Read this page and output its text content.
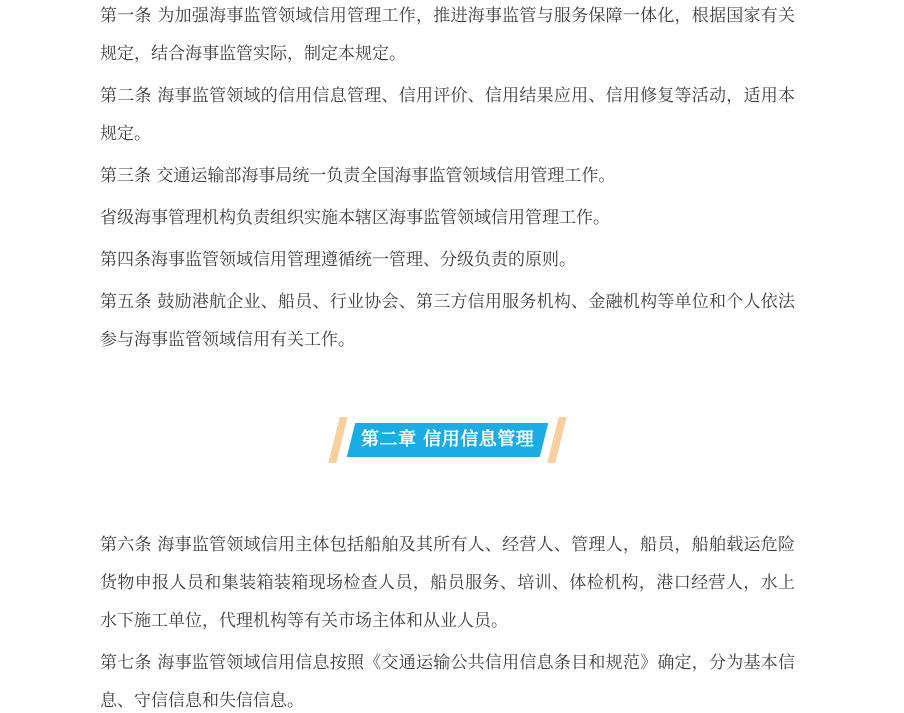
第一条 为加强海事监管领域信用管理工作，推进海事监管与服务保障一体化，根据国家有关规定，结合海事监管实际，制定本规定。

第二条 海事监管领域的信用信息管理、信用评价、信用结果应用、信用修复等活动，适用本规定。

第三条 交通运输部海事局统一负责全国海事监管领域信用管理工作。

省级海事管理机构负责组织实施本辖区海事监管领域信用管理工作。

第四条海事监管领域信用管理遵循统一管理、分级负责的原则。

第五条 鼓励港航企业、船员、行业协会、第三方信用服务机构、金融机构等单位和个人依法参与海事监管领域信用有关工作。

第二章 信用信息管理

第六条 海事监管领域信用主体包括船舶及其所有人、经营人、管理人，船员，船舶载运危险货物申报人员和集装箱装箱现场检查人员，船员服务、培训、体检机构，港口经营人，水上水下施工单位，代理机构等有关市场主体和从业人员。

第七条 海事监管领域信用信息按照《交通运输公共信用信息条目和规范》确定，分为基本信息、守信信息和失信信息。
